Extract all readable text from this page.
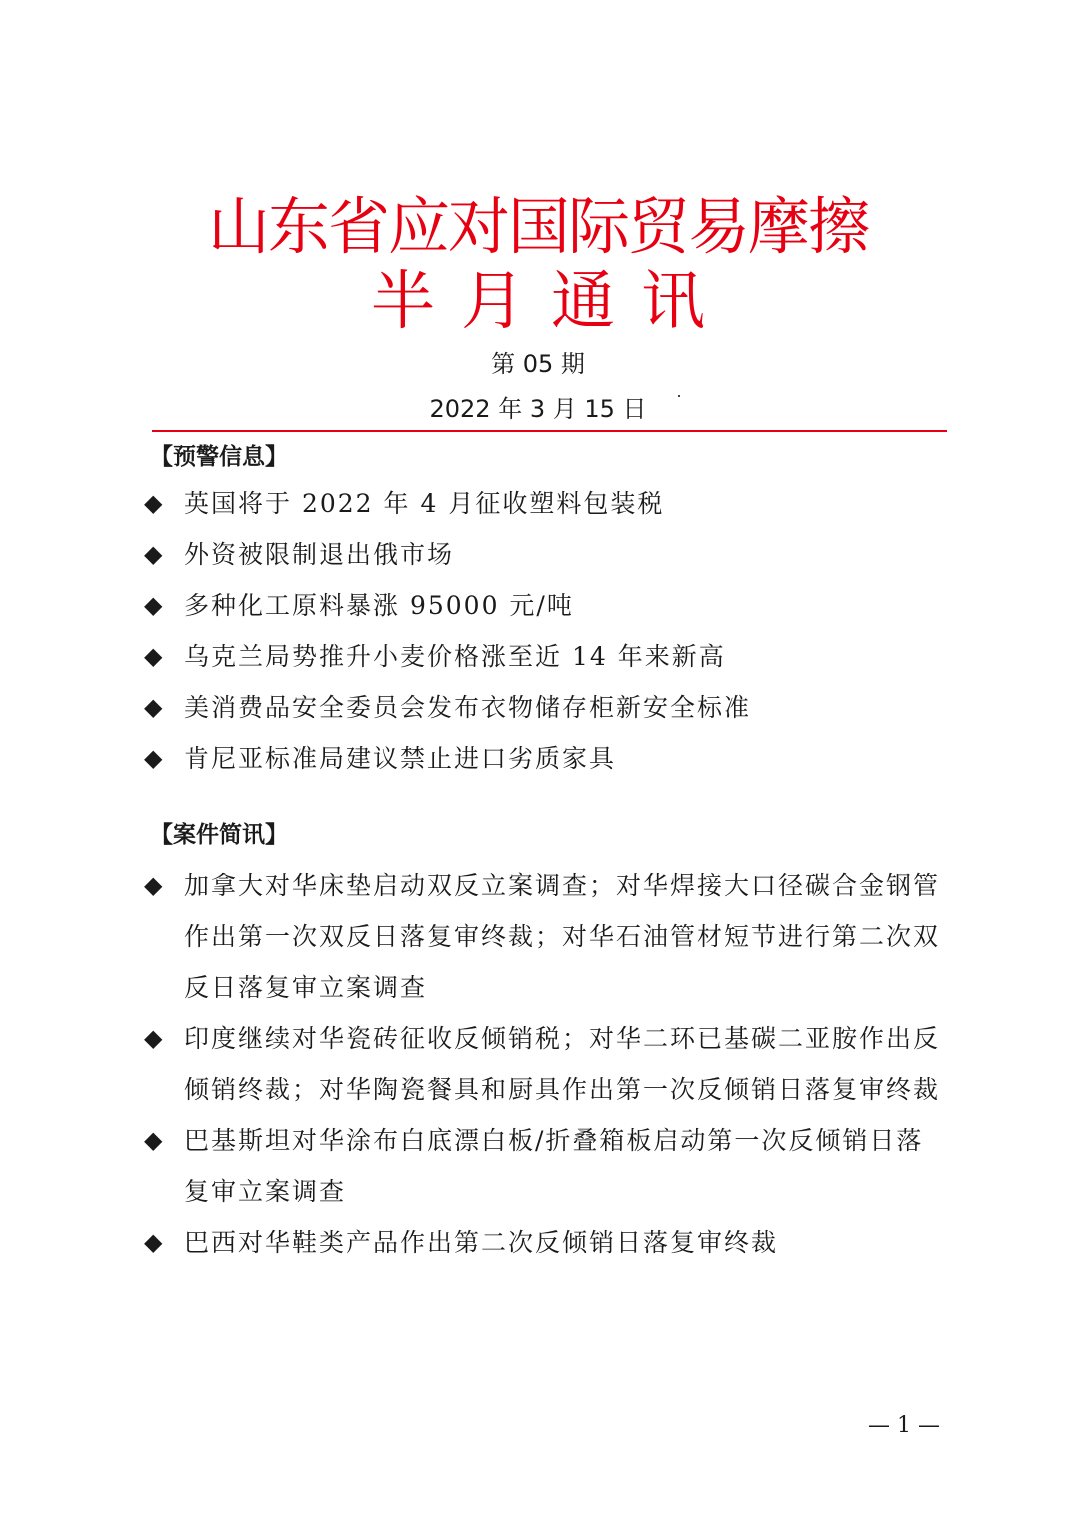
山东省应对国际贸易摩擦
半月通讯
第 05 期
2022 年 3 月 15 日
【预警信息】
◆ 英国将于 2022 年 4 月征收塑料包装税
◆ 外资被限制退出俄市场
◆ 多种化工原料暴涨 95000 元/吨
◆ 乌克兰局势推升小麦价格涨至近 14 年来新高
◆ 美消费品安全委员会发布衣物储存柜新安全标准
◆ 肯尼亚标准局建议禁止进口劣质家具
【案件简讯】
◆ 加拿大对华床垫启动双反立案调查；对华焊接大口径碳合金钢管作出第一次双反日落复审终裁；对华石油管材短节进行第二次双反日落复审立案调查
◆ 印度继续对华瓷砖征收反倾销税；对华二环已基碳二亚胺作出反倾销终裁；对华陶瓷餐具和厨具作出第一次反倾销日落复审终裁
◆ 巴基斯坦对华涂布白底漂白板/折叠箱板启动第一次反倾销日落复审立案调查
◆ 巴西对华鞋类产品作出第二次反倾销日落复审终裁
— 1 —
